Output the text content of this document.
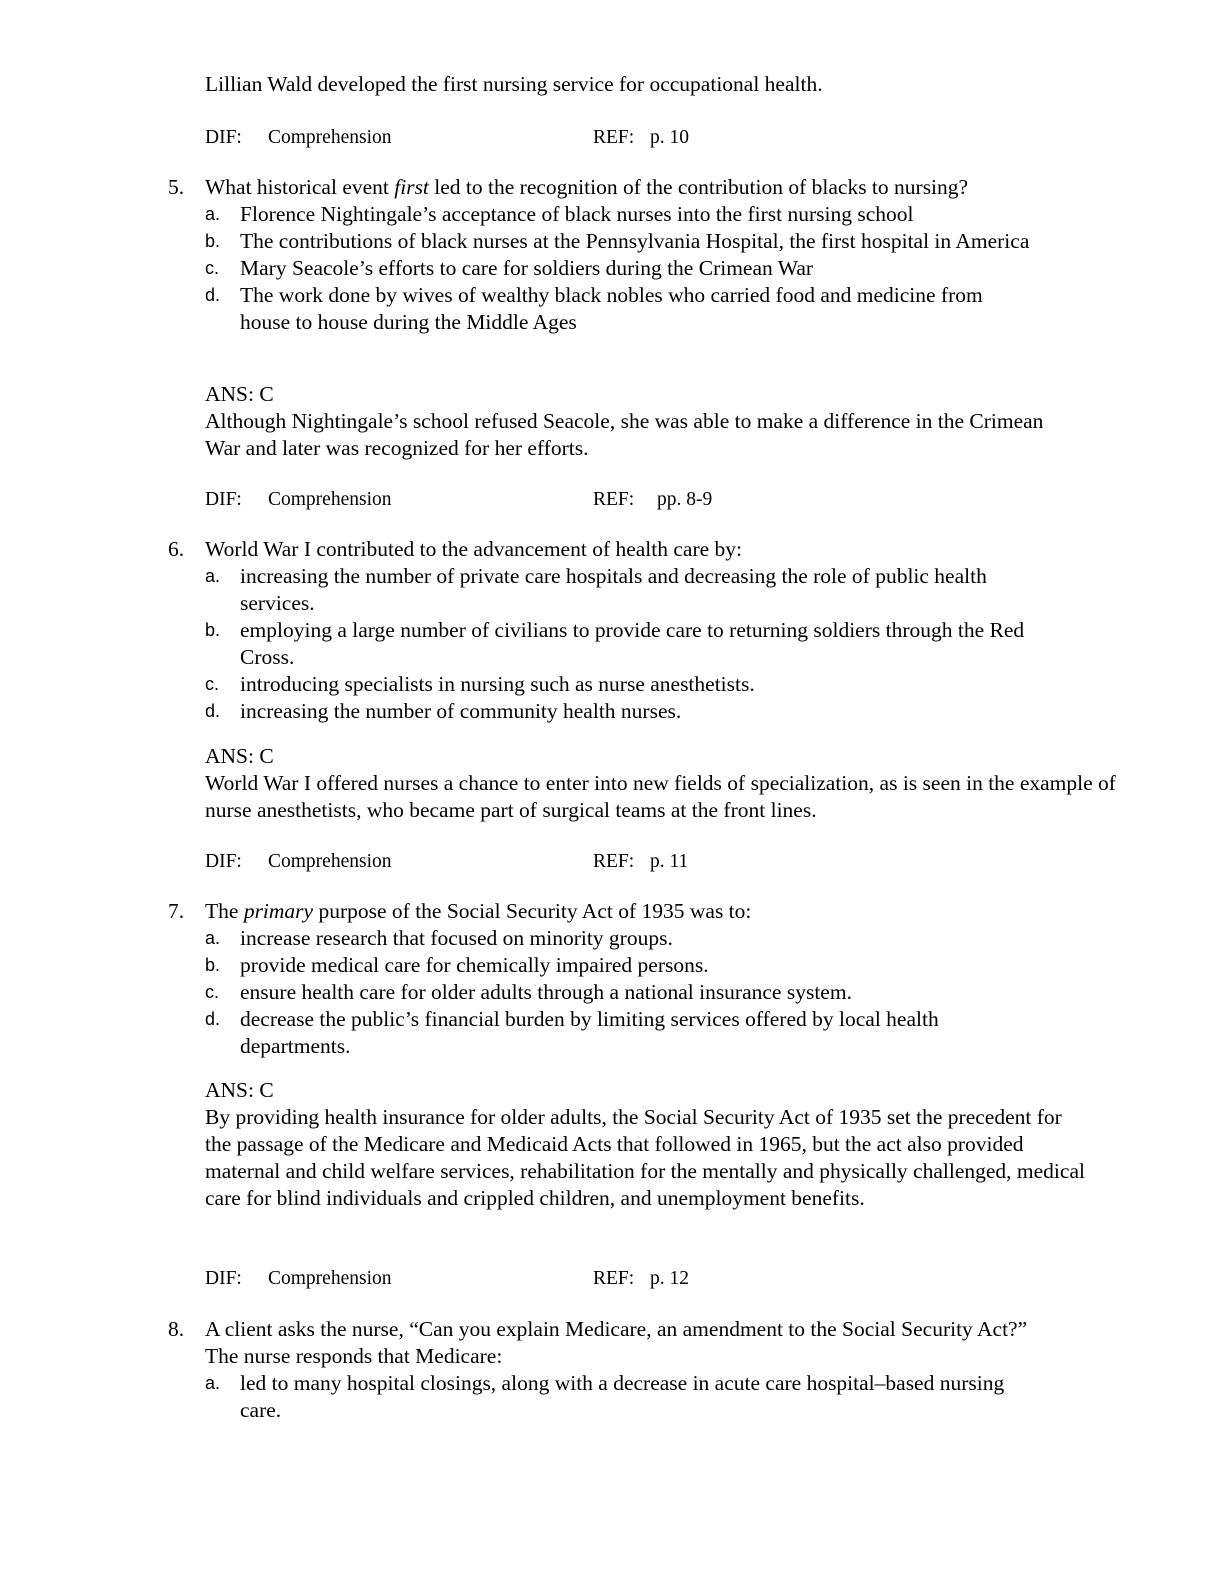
Lillian Wald developed the first nursing service for occupational health.

DIF: Comprehension	REF: p. 10
5. What historical event first led to the recognition of the contribution of blacks to nursing?
a. Florence Nightingale’s acceptance of black nurses into the first nursing school
b. The contributions of black nurses at the Pennsylvania Hospital, the first hospital in America
c. Mary Seacole’s efforts to care for soldiers during the Crimean War
d. The work done by wives of wealthy black nobles who carried food and medicine from house to house during the Middle Ages
ANS: C
Although Nightingale’s school refused Seacole, she was able to make a difference in the Crimean War and later was recognized for her efforts.
DIF: Comprehension	REF: pp. 8-9
6. World War I contributed to the advancement of health care by:
a. increasing the number of private care hospitals and decreasing the role of public health services.
b. employing a large number of civilians to provide care to returning soldiers through the Red Cross.
c. introducing specialists in nursing such as nurse anesthetists.
d. increasing the number of community health nurses.
ANS: C
World War I offered nurses a chance to enter into new fields of specialization, as is seen in the example of nurse anesthetists, who became part of surgical teams at the front lines.
DIF: Comprehension	REF: p. 11
7. The primary purpose of the Social Security Act of 1935 was to:
a. increase research that focused on minority groups.
b. provide medical care for chemically impaired persons.
c. ensure health care for older adults through a national insurance system.
d. decrease the public’s financial burden by limiting services offered by local health departments.
ANS: C
By providing health insurance for older adults, the Social Security Act of 1935 set the precedent for the passage of the Medicare and Medicaid Acts that followed in 1965, but the act also provided maternal and child welfare services, rehabilitation for the mentally and physically challenged, medical care for blind individuals and crippled children, and unemployment benefits.
DIF: Comprehension	REF: p. 12
8. A client asks the nurse, “Can you explain Medicare, an amendment to the Social Security Act?” The nurse responds that Medicare:
a. led to many hospital closings, along with a decrease in acute care hospital–based nursing care.
